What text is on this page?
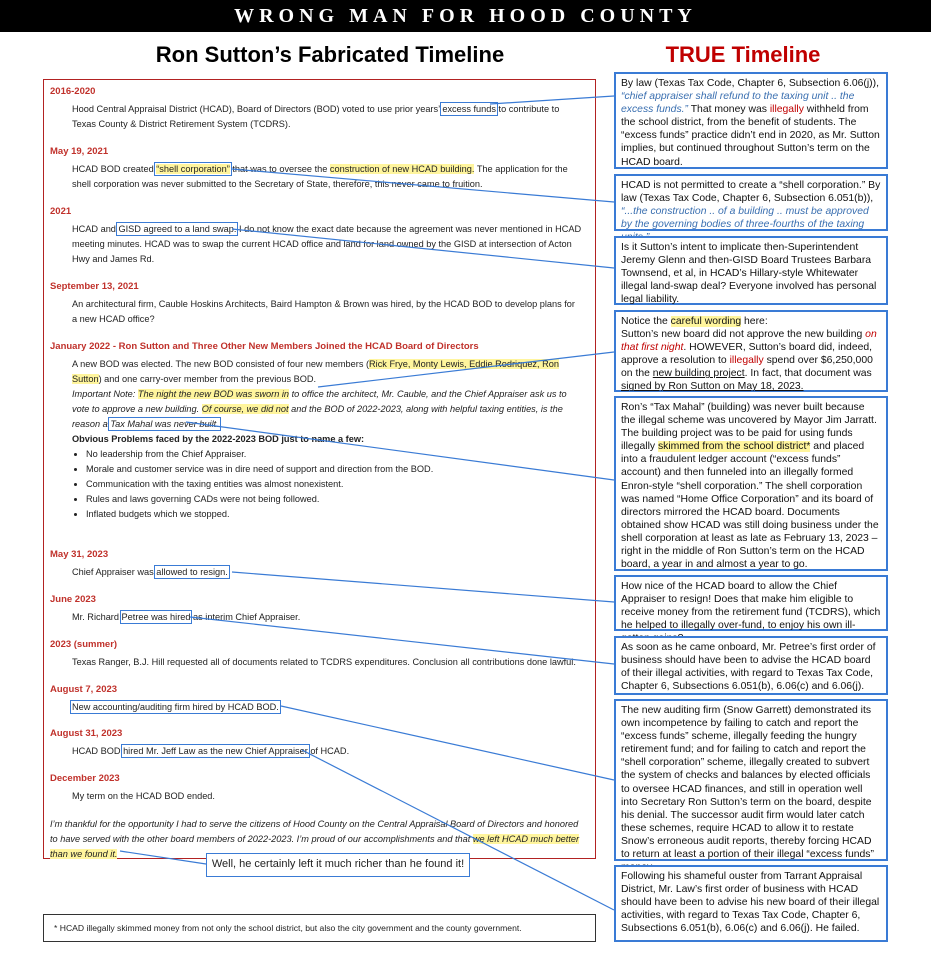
WRONG MAN FOR HOOD COUNTY
Ron Sutton’s Fabricated Timeline	TRUE Timeline
2016-2020
Hood Central Appraisal District (HCAD), Board of Directors (BOD) voted to use prior years’ excess funds to contribute to Texas County & District Retirement System (TCDRS).
May 19, 2021
HCAD BOD created “shell corporation” that was to oversee the construction of new HCAD building. The application for the shell corporation was never submitted to the Secretary of State, therefore, this never came to fruition.
2021
HCAD and GISD agreed to a land swap. I do not know the exact date because the agreement was never mentioned in HCAD meeting minutes. HCAD was to swap the current HCAD office and land for land owned by the GISD at intersection of Acton Hwy and James Rd.
September 13, 2021
An architectural firm, Cauble Hoskins Architects, Baird Hampton & Brown was hired, by the HCAD BOD to develop plans for a new HCAD office?
January 2022 - Ron Sutton and Three Other New Members Joined the HCAD Board of Directors
A new BOD was elected. The new BOD consisted of four new members (Rick Frye, Monty Lewis, Eddie Rodriquez, Ron Sutton) and one carry-over member from the previous BOD.
Important Note: The night the new BOD was sworn in to office the architect, Mr. Cauble, and the Chief Appraiser ask us to vote to approve a new building. Of course, we did not and the BOD of 2022-2023, along with helpful taxing entities, is the reason a Tax Mahal was never built.
Obvious Problems faced by the 2022-2023 BOD just to name a few:
• No leadership from the Chief Appraiser.
• Morale and customer service was in dire need of support and direction from the BOD.
• Communication with the taxing entities was almost nonexistent.
• Rules and laws governing CADs were not being followed.
• Inflated budgets which we stopped.
May 31, 2023
Chief Appraiser was allowed to resign.
June 2023
Mr. Richard Petree was hired as interim Chief Appraiser.
2023 (summer)
Texas Ranger, B.J. Hill requested all of documents related to TCDRS expenditures. Conclusion all contributions done lawful.
August 7, 2023
New accounting/auditing firm hired by HCAD BOD.
August 31, 2023
HCAD BOD hired Mr. Jeff Law as the new Chief Appraiser of HCAD.
December 2023
My term on the HCAD BOD ended.
I’m thankful for the opportunity I had to serve the citizens of Hood County on the Central Appraisal Board of Directors and honored to have served with the other board members of 2022-2023. I’m proud of our accomplishments and that we left HCAD much better than we found it.
Well, he certainly left it much richer than he found it!
* HCAD illegally skimmed money from not only the school district, but also the city government and the county government.
By law (Texas Tax Code, Chapter 6, Subsection 6.06(j)), “chief appraiser shall refund to the taxing unit .. the excess funds.” That money was illegally withheld from the school district, from the benefit of students. The “excess funds” practice didn’t end in 2020, as Mr. Sutton implies, but continued throughout Sutton’s term on the HCAD board.
HCAD is not permitted to create a “shell corporation.” By law (Texas Tax Code, Chapter 6, Subsection 6.051(b)), “...the construction .. of a building .. must be approved by the governing bodies of three-fourths of the taxing
Is it Sutton’s intent to implicate then-Superintendent Jeremy Glenn and then-GISD Board Trustees Barbara Townsend, et al, in HCAD’s Hillary-style Whitewater illegal land-swap deal? Everyone involved has personal legal liability.
Notice the careful wording here:
Sutton’s new board did not approve the new building on that first night. HOWEVER, Sutton’s board did, indeed, approve a resolution to illegally spend over $6,250,000 on the new building project. In fact, that document was signed by Ron Sutton on May 18, 2023.
Ron’s “Tax Mahal” (building) was never built because the illegal scheme was uncovered by Mayor Jim Jarratt. The building project was to be paid for using funds illegally skimmed from the school district* and placed into a fraudulent ledger account (“excess funds” account) and then funneled into an illegally formed Enron-style “shell corporation.” The shell corporation was named “Home Office Corporation” and its board of directors mirrored the HCAD board. Documents obtained show HCAD was still doing business under the shell corporation at least as late as February 13, 2023 – right in the middle of Ron Sutton’s term on the HCAD board, a year in and almost a year to go.
How nice of the HCAD board to allow the Chief Appraiser to resign! Does that make him eligible to receive money from the retirement fund (TCDRS), which he helped to illegally over-fund, to enjoy his own ill-
As soon as he came onboard, Mr. Petree’s first order of business should have been to advise the HCAD board of their illegal activities, with regard to Texas Tax Code, Chapter 6, Subsections 6.051(b), 6.06(c) and 6.06(j).
The new auditing firm (Snow Garrett) demonstrated its own incompetence by failing to catch and report the “excess funds” scheme, illegally feeding the hungry retirement fund; and for failing to catch and report the “shell corporation” scheme, illegally created to subvert the system of checks and balances by elected officials to oversee HCAD finances, and still in operation well into Secretary Ron Sutton’s term on the board, despite his denial. The successor audit firm would later catch these schemes, require HCAD to allow it to restate Snow’s erroneous audit reports, thereby forcing HCAD to return at least a portion of their illegal “excess funds”
Following his shameful ouster from Tarrant Appraisal District, Mr. Law’s first order of business with HCAD should have been to advise his new board of their illegal activities, with regard to Texas Tax Code, Chapter 6, Subsections 6.051(b), 6.06(c) and 6.06(j). He failed.
